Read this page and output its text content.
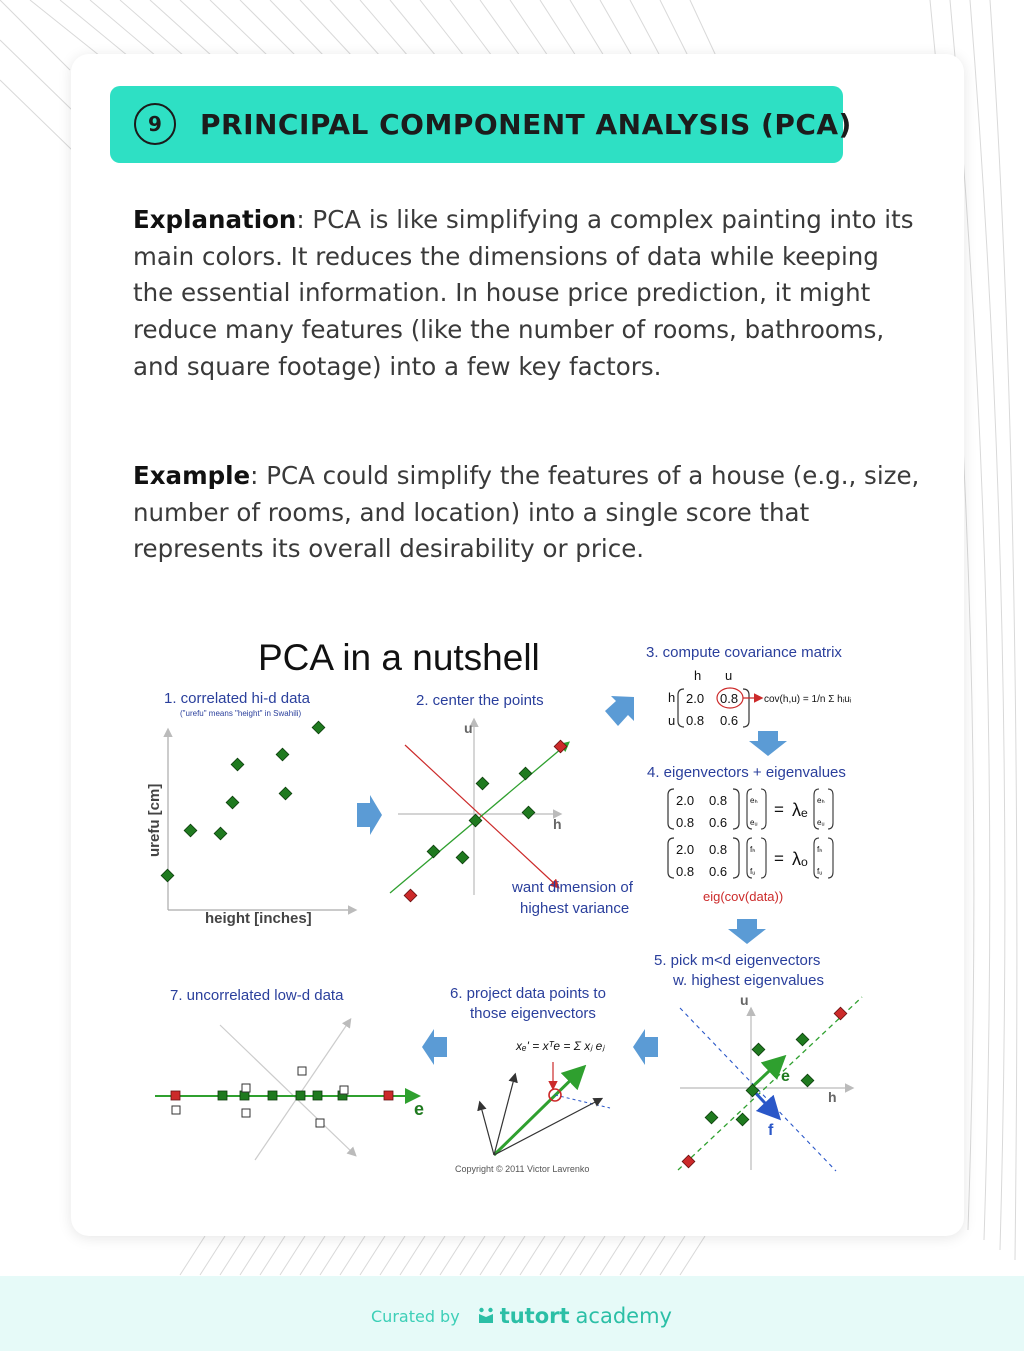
9	PRINCIPAL COMPONENT ANALYSIS (PCA)
Explanation: PCA is like simplifying a complex painting into its main colors. It reduces the dimensions of data while keeping the essential information. In house price prediction, it might reduce many features (like the number of rooms, bathrooms, and square footage) into a few key factors.
Example: PCA could simplify the features of a house (e.g., size, number of rooms, and location) into a single score that represents its overall desirability or price.
PCA in a nutshell
1. correlated hi-d data
("urefu" means "height" in Swahili)
urefu [cm]
height [inches]
2. center the points
u
h
want dimension of
highest variance
3. compute covariance matrix
h u
h
u
2.0 0.8
0.8 0.6
cov(h,u) = 1/n Σ hᵢuᵢ
4. eigenvectors + eigenvalues
2.0 0.8
0.8 0.6
eₕ
eᵤ
= λₑ eₕ
eᵤ
2.0 0.8
0.8 0.6
fₕ
fᵤ
= λₒ fₕ
fᵤ
eig(cov(data))
5. pick m<d eigenvectors
w. highest eigenvalues
u
h
e
f
6. project data points to
those eigenvectors
xₑ' = xᵀe = Σ xⱼ eⱼ
Copyright © 2011 Victor Lavrenko
7. uncorrelated low-d data
e
Curated by tutort academy
